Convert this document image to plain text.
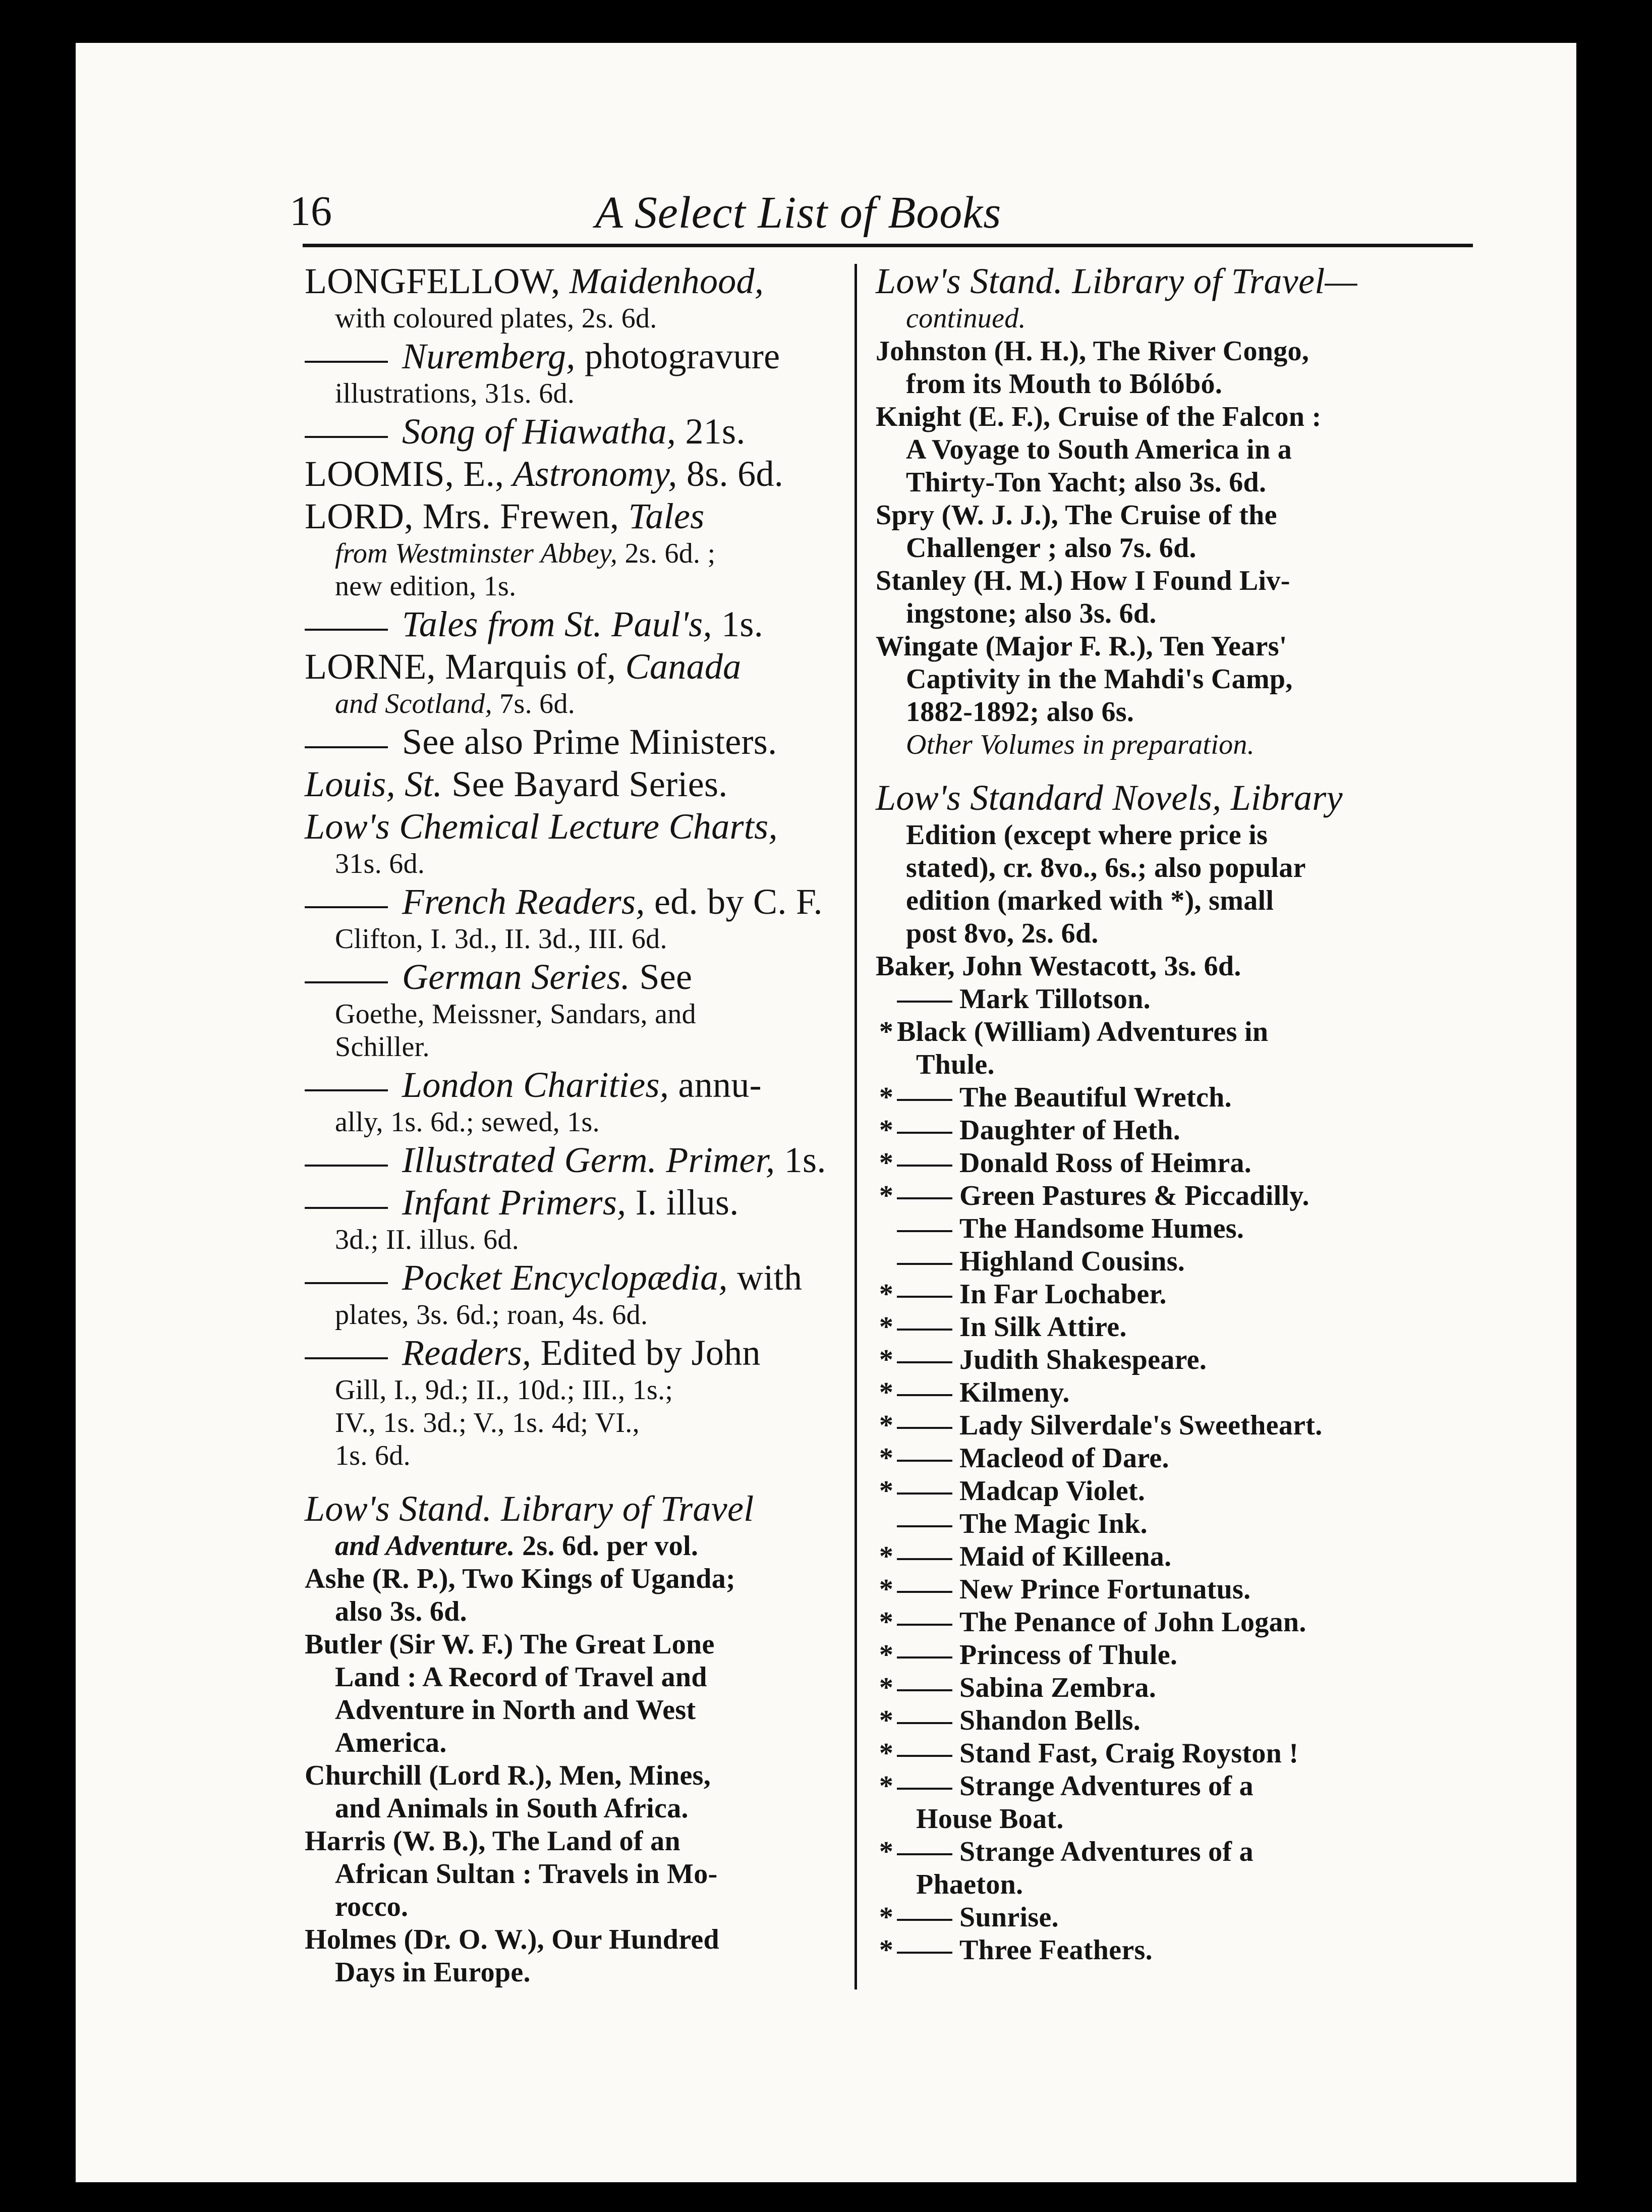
16	A Select List of Books
LONGFELLOW, Maidenhood,
with coloured plates, 2s. 6d.
Nuremberg, photogravure
illustrations, 31s. 6d.
Song of Hiawatha, 21s.
LOOMIS, E., Astronomy, 8s. 6d.
LORD, Mrs. Frewen, Tales
from Westminster Abbey, 2s. 6d. ;
new edition, 1s.
Tales from St. Paul's, 1s.
LORNE, Marquis of, Canada
and Scotland, 7s. 6d.
See also Prime Ministers.
Louis, St. See Bayard Series.
Low's Chemical Lecture Charts,
31s. 6d.
French Readers, ed. by C. F.
Clifton, I. 3d., II. 3d., III. 6d.
German Series. See
Goethe, Meissner, Sandars, and
Schiller.
London Charities, annu-
ally, 1s. 6d.; sewed, 1s.
Illustrated Germ. Primer, 1s.
Infant Primers, I. illus.
3d.; II. illus. 6d.
Pocket Encyclopædia, with
plates, 3s. 6d.; roan, 4s. 6d.
Readers, Edited by John
Gill, I., 9d.; II., 10d.; III., 1s.;
IV., 1s. 3d.; V., 1s. 4d; VI.,
1s. 6d.
Low's Stand. Library of Travel
and Adventure. 2s. 6d. per vol.
Ashe (R. P.), Two Kings of Uganda;
also 3s. 6d.
Butler (Sir W. F.) The Great Lone
Land : A Record of Travel and
Adventure in North and West
America.
Churchill (Lord R.), Men, Mines,
and Animals in South Africa.
Harris (W. B.), The Land of an
African Sultan : Travels in Mo-
rocco.
Holmes (Dr. O. W.), Our Hundred
Days in Europe.
Low's Stand. Library of Travel—
continued.
Johnston (H. H.), The River Congo,
from its Mouth to Bólóbó.
Knight (E. F.), Cruise of the Falcon :
A Voyage to South America in a
Thirty-Ton Yacht; also 3s. 6d.
Spry (W. J. J.), The Cruise of the
Challenger ; also 7s. 6d.
Stanley (H. M.) How I Found Liv-
ingstone; also 3s. 6d.
Wingate (Major F. R.), Ten Years'
Captivity in the Mahdi's Camp,
1882-1892; also 6s.
Other Volumes in preparation.
Low's Standard Novels, Library
Edition (except where price is
stated), cr. 8vo., 6s.; also popular
edition (marked with *), small
post 8vo, 2s. 6d.
Baker, John Westacott, 3s. 6d.
Mark Tillotson.
* Black (William) Adventures in
Thule.
* The Beautiful Wretch.
* Daughter of Heth.
* Donald Ross of Heimra.
* Green Pastures & Piccadilly.
The Handsome Humes.
Highland Cousins.
* In Far Lochaber.
* In Silk Attire.
* Judith Shakespeare.
* Kilmeny.
* Lady Silverdale's Sweetheart.
* Macleod of Dare.
* Madcap Violet.
The Magic Ink.
* Maid of Killeena.
* New Prince Fortunatus.
* The Penance of John Logan.
* Princess of Thule.
* Sabina Zembra.
* Shandon Bells.
* Stand Fast, Craig Royston !
* Strange Adventures of a
House Boat.
* Strange Adventures of a
Phaeton.
* Sunrise.
* Three Feathers.
